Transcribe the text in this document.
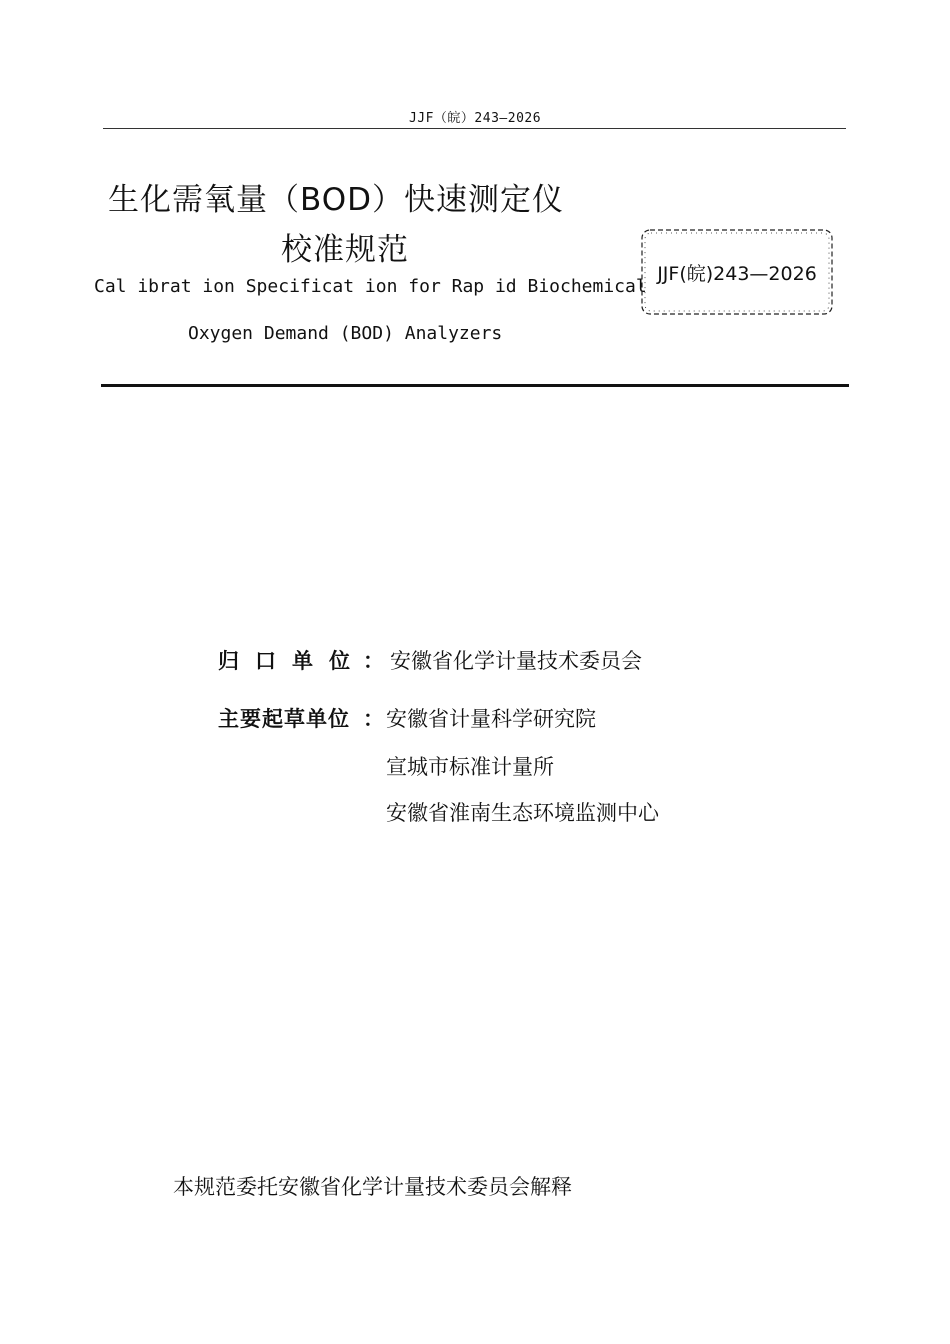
JJF（皖）243—2026
生化需氧量（BOD）快速测定仪
校准规范
Cal ibrat ion Specificat ion for Rap id Biochemical
Oxygen Demand (BOD) Analyzers
JJF(皖)243—2026
归口单位
： 安徽省化学计量技术委员会
主要起草单位 ： 安徽省计量科学研究院
宣城市标准计量所
安徽省淮南生态环境监测中心
本规范委托安徽省化学计量技术委员会解释
